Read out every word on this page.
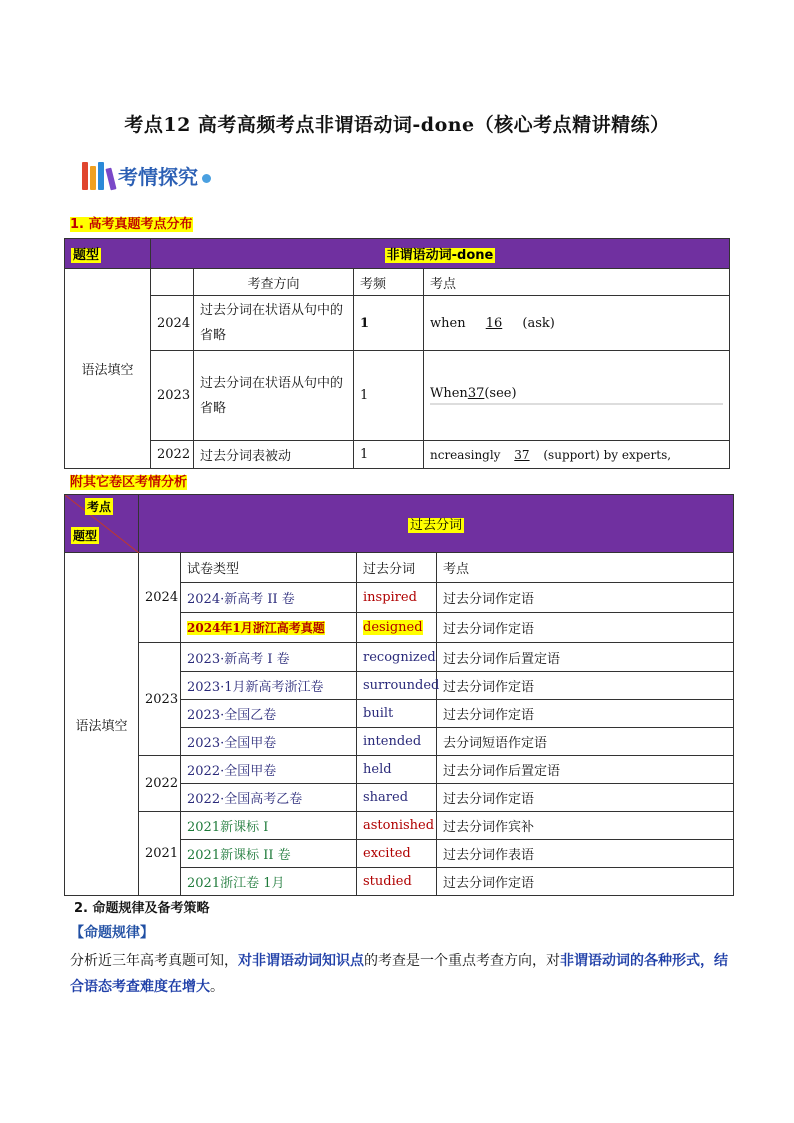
考点12 高考高频考点非谓语动词-done（核心考点精讲精练）
考情探究
1. 高考真题考点分布
题型	非谓语动词-done			
语法填空		考查方向	考频	考点
	2024	过去分词在状语从句中的省略	1	when 16 (ask)
	2023	过去分词在状语从句中的省略	1	When37(see)

	2022	过去分词表被动	1	ncreasingly 37 (support) by experts,
附其它卷区考情分析
考点
题型	过去分词			
语法填空	2024	试卷类型	过去分词	考点
		2024·新高考 II 卷	inspired	过去分词作定语
		2024年1月浙江高考真题	designed	过去分词作定语
	2023	2023·新高考 I 卷	recognized	过去分词作后置定语
		2023·1月新高考浙江卷	surrounded	过去分词作定语
		2023·全国乙卷	built	过去分词作定语
		2023·全国甲卷	intended	去分词短语作定语
	2022	2022·全国甲卷	held	过去分词作后置定语
		2022·全国高考乙卷	shared	过去分词作定语
	2021	2021新课标 I	astonished	过去分词作宾补
		2021新课标 II 卷	excited	过去分词作表语
		2021浙江卷 1月	studied	过去分词作定语
2. 命题规律及备考策略
【命题规律】
分析近三年高考真题可知，对非谓语动词知识点的考查是一个重点考查方向，对非谓语动词的各种形式，结合语态考查难度在增大。
